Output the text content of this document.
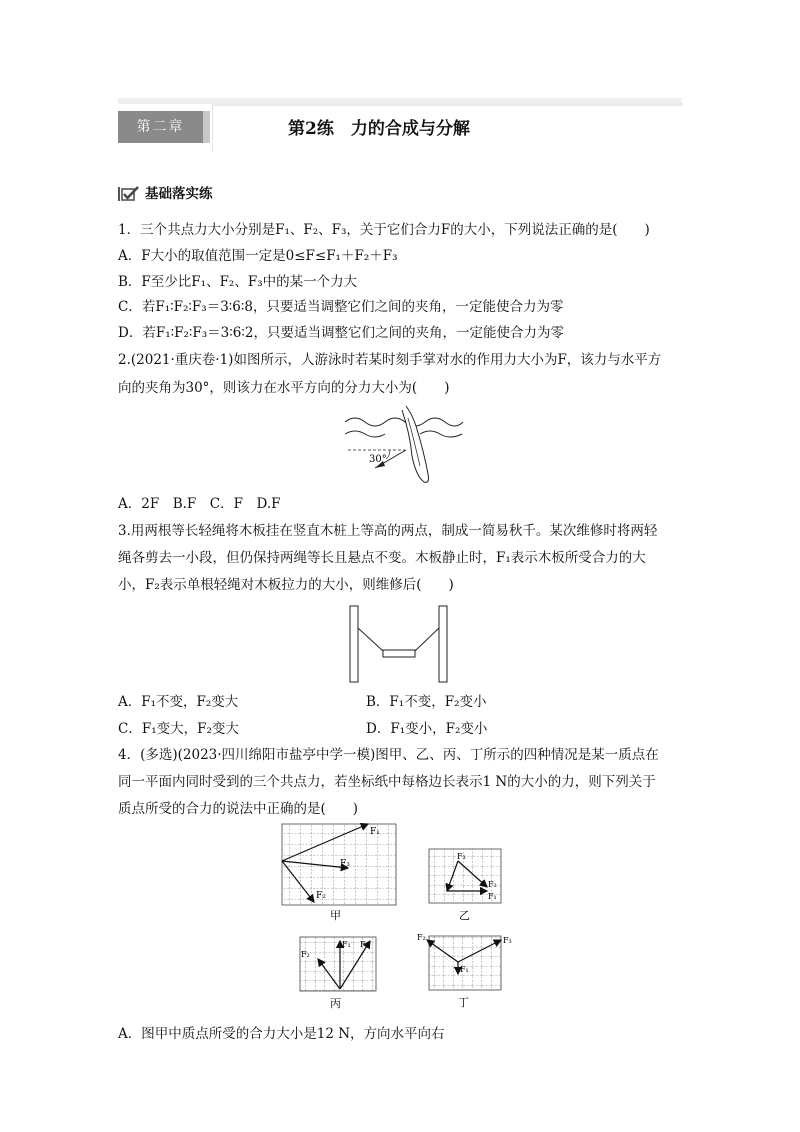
第二章	第2练　力的合成与分解
基础落实练
1．三个共点力大小分别是F₁、F₂、F₃，关于它们合力F的大小，下列说法正确的是(　　)
A．F大小的取值范围一定是0≤F≤F₁＋F₂＋F₃
B．F至少比F₁、F₂、F₃中的某一个力大
C．若F₁∶F₂∶F₃＝3∶6∶8，只要适当调整它们之间的夹角，一定能使合力为零
D．若F₁∶F₂∶F₃＝3∶6∶2，只要适当调整它们之间的夹角，一定能使合力为零
2.(2021·重庆卷·1)如图所示，人游泳时若某时刻手掌对水的作用力大小为F，该力与水平方
向的夹角为30°，则该力在水平方向的分力大小为(　　)
30°
A．2F　B.F　C．F　D.F
3.用两根等长轻绳将木板挂在竖直木桩上等高的两点，制成一简易秋千。某次维修时将两轻
绳各剪去一小段，但仍保持两绳等长且悬点不变。木板静止时，F₁表示木板所受合力的大
小，F₂表示单根轻绳对木板拉力的大小，则维修后(　　)
A．F₁不变，F₂变大	B．F₁不变，F₂变小
C．F₁变大，F₂变大	D．F₁变小，F₂变小
4．(多选)(2023·四川绵阳市盐亭中学一模)图甲、乙、丙、丁所示的四种情况是某一质点在
同一平面内同时受到的三个共点力，若坐标纸中每格边长表示1 N的大小的力，则下列关于
质点所受的合力的说法中正确的是(　　)
F₁
F₃
F₂
甲
F₃
F₂
F₁
乙
F₂
F₁ F₃
丙
F₂	F₃
F₁
丁
A．图甲中质点所受的合力大小是12 N，方向水平向右
